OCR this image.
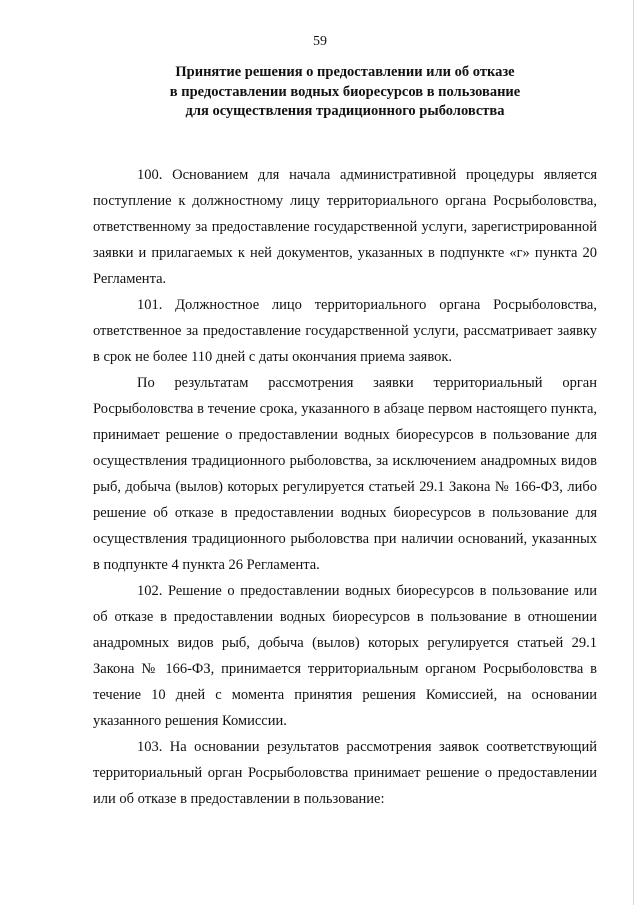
59
Принятие решения о предоставлении или об отказе
в предоставлении водных биоресурсов в пользование
для осуществления традиционного рыболовства

100. Основанием для начала административной процедуры является поступление к должностному лицу территориального органа Росрыболовства, ответственному за предоставление государственной услуги, зарегистрированной заявки и прилагаемых к ней документов, указанных в подпункте «г» пункта 20 Регламента.

101. Должностное лицо территориального органа Росрыболовства, ответственное за предоставление государственной услуги, рассматривает заявку в срок не более 110 дней с даты окончания приема заявок.

По результатам рассмотрения заявки территориальный орган Росрыболовства в течение срока, указанного в абзаце первом настоящего пункта, принимает решение о предоставлении водных биоресурсов в пользование для осуществления традиционного рыболовства, за исключением анадромных видов рыб, добыча (вылов) которых регулируется статьей 29.1 Закона № 166-ФЗ, либо решение об отказе в предоставлении водных биоресурсов в пользование для осуществления традиционного рыболовства при наличии оснований, указанных в подпункте 4 пункта 26 Регламента.

102. Решение о предоставлении водных биоресурсов в пользование или об отказе в предоставлении водных биоресурсов в пользование в отношении анадромных видов рыб, добыча (вылов) которых регулируется статьей 29.1 Закона № 166-ФЗ, принимается территориальным органом Росрыболовства в течение 10 дней с момента принятия решения Комиссией, на основании указанного решения Комиссии.

103. На основании результатов рассмотрения заявок соответствующий территориальный орган Росрыболовства принимает решение о предоставлении или об отказе в предоставлении в пользование:
